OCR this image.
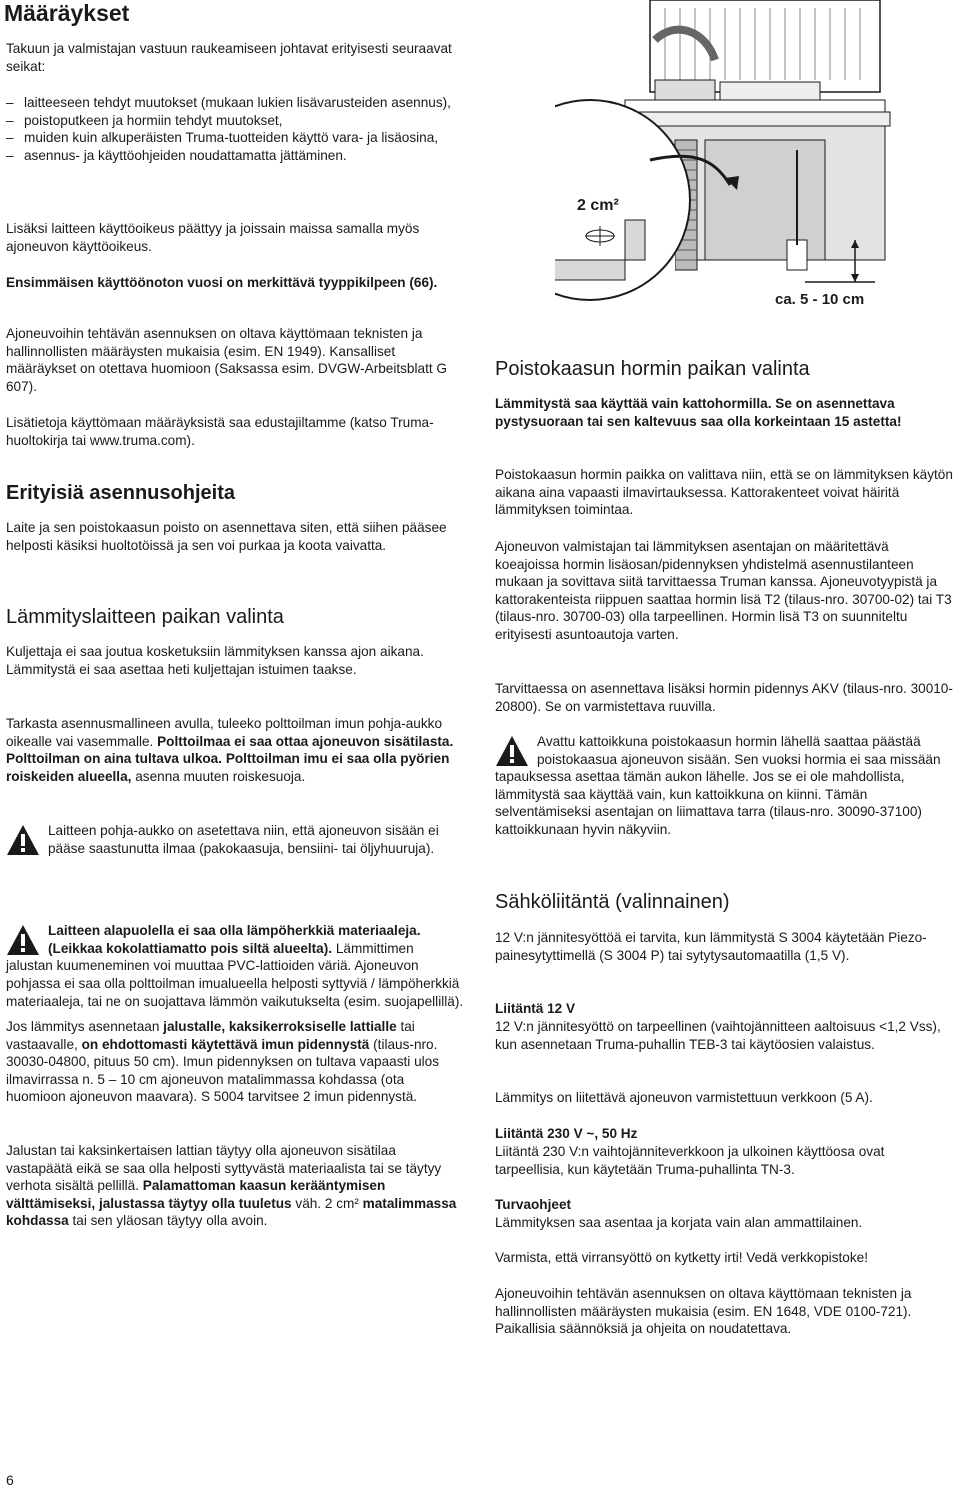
Määräykset

Takuun ja valmistajan vastuun raukeamiseen johtavat erityisesti seuraavat seikat:

– laitteeseen tehdyt muutokset (mukaan lukien lisävarusteiden asennus),
– poistoputkeen ja hormiin tehdyt muutokset,
– muiden kuin alkuperäisten Truma-tuotteiden käyttö vara- ja lisäosina,
– asennus- ja käyttöohjeiden noudattamatta jättäminen.

Lisäksi laitteen käyttöoikeus päättyy ja joissain maissa samalla myös ajoneuvon käyttöoikeus.

Ensimmäisen käyttöönoton vuosi on merkittävä tyyppikilpeen (66).

Ajoneuvoihin tehtävän asennuksen on oltava käyttömaan teknisten ja hallinnollisten määräysten mukaisia (esim. EN 1949). Kansalliset määräykset on otettava huomioon (Saksassa esim. DVGW-Arbeitsblatt G 607).

Lisätietoja käyttömaan määräyksistä saa edustajiltamme (katso Truma-huoltokirja tai www.truma.com).

Erityisiä asennusohjeita

Laite ja sen poistokaasun poisto on asennettava siten, että siihen pääsee helposti käsiksi huoltotöissä ja sen voi purkaa ja koota vaivatta.

Lämmityslaitteen paikan valinta

Kuljettaja ei saa joutua kosketuksiin lämmityksen kanssa ajon aikana. Lämmitystä ei saa asettaa heti kuljettajan istuimen taakse.

Tarkasta asennusmallineen avulla, tuleeko polttoilman imun pohja-aukko oikealle vai vasemmalle. Polttoilmaa ei saa ottaa ajoneuvon sisätilasta. Polttoilman on aina tultava ulkoa. Polttoilman imu ei saa olla pyörien roiskeiden alueella, asenna muuten roiskesuoja.

Laitteen pohja-aukko on asetettava niin, että ajoneuvon sisään ei pääse saastunutta ilmaa (pakokaasuja, bensiini- tai öljyhuuruja).

Laitteen alapuolella ei saa olla lämpöherkkiä materiaaleja. (Leikkaa kokolattiamatto pois siltä alueelta). Lämmittimen jalustan kuumeneminen voi muuttaa PVC-lattioiden väriä. Ajoneuvon pohjassa ei saa olla polttoilman imualueella helposti syttyviä / lämpöherkkiä materiaaleja, tai ne on suojattava lämmön vaikutukselta (esim. suojapellillä).

Jos lämmitys asennetaan jalustalle, kaksikerroksiselle lattialle tai vastaavalle, on ehdottomasti käytettävä imun pidennystä (tilaus-nro. 30030-04800, pituus 50 cm). Imun pidennyksen on tultava vapaasti ulos ilmavirrassa n. 5 – 10 cm ajoneuvon matalimmassa kohdassa (ota huomioon ajoneuvon maavara). S 5004 tarvitsee 2 imun pidennystä.

Jalustan tai kaksinkertaisen lattian täytyy olla ajoneuvon sisätilaa vastapäätä eikä se saa olla helposti syttyvästä materiaalista tai se täytyy verhota sisältä pellillä. Palamattoman kaasun kerääntymisen välttämiseksi, jalustassa täytyy olla tuuletus väh. 2 cm² matalimmassa kohdassa tai sen yläosan täytyy olla avoin.

2 cm²
ca. 5 - 10 cm
Poistokaasun hormin paikan valinta

Lämmitystä saa käyttää vain kattohormilla. Se on asennettava pystysuoraan tai sen kaltevuus saa olla korkeintaan 15 astetta!

Poistokaasun hormin paikka on valittava niin, että se on lämmityksen käytön aikana aina vapaasti ilmavirtauksessa. Kattorakenteet voivat häiritä lämmityksen toimintaa.

Ajoneuvon valmistajan tai lämmityksen asentajan on määritettävä koeajoissa hormin lisäosan/pidennyksen yhdistelmä asennustilanteen mukaan ja sovittava siitä tarvittaessa Truman kanssa. Ajoneuvotyypistä ja kattorakenteista riippuen saattaa hormin lisä T2 (tilaus-nro. 30700-02) tai T3 (tilaus-nro. 30700-03) olla tarpeellinen. Hormin lisä T3 on suunniteltu erityisesti asuntoautoja varten.

Tarvittaessa on asennettava lisäksi hormin pidennys AKV (tilaus-nro. 30010-20800). Se on varmistettava ruuvilla.

Avattu kattoikkuna poistokaasun hormin lähellä saattaa päästää poistokaasua ajoneuvon sisään. Sen vuoksi hormia ei saa missään tapauksessa asettaa tämän aukon lähelle. Jos se ei ole mahdollista, lämmitystä saa käyttää vain, kun kattoikkuna on kiinni. Tämän selventämiseksi asentajan on liimattava tarra (tilaus-nro. 30090-37100) kattoikkunaan hyvin näkyviin.

Sähköliitäntä (valinnainen)

12 V:n jännitesyöttöä ei tarvita, kun lämmitystä S 3004 käytetään Piezo-painesytyttimellä (S 3004 P) tai sytytysautomaatilla (1,5 V).

Liitäntä 12 V

12 V:n jännitesyöttö on tarpeellinen (vaihtojännitteen aaltoisuus <1,2 Vss), kun asennetaan Truma-puhallin TEB-3 tai käytöosien valaistus.

Lämmitys on liitettävä ajoneuvon varmistettuun verkkoon (5 A).

Liitäntä 230 V ~, 50 Hz

Liitäntä 230 V:n vaihtojänniteverkkoon ja ulkoinen käyttöosa ovat tarpeellisia, kun käytetään Truma-puhallinta TN-3.

Turvaohjeet

Lämmityksen saa asentaa ja korjata vain alan ammattilainen.

Varmista, että virransyöttö on kytketty irti! Vedä verkkopistoke!

Ajoneuvoihin tehtävän asennuksen on oltava käyttömaan teknisten ja hallinnollisten määräysten mukaisia (esim. EN 1648, VDE 0100-721). Paikallisia säännöksiä ja ohjeita on noudatettava.

6
